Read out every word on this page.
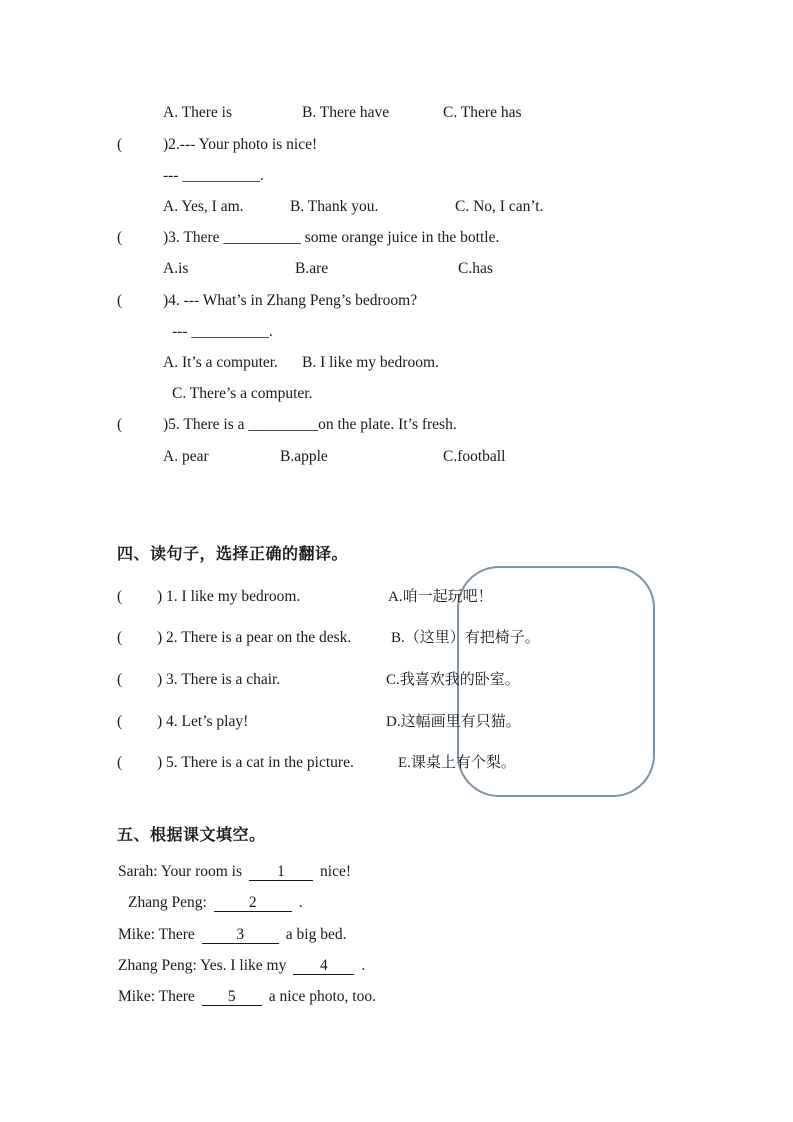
A. There is	B. There have	C. There has
(	)2.--- Your photo is nice!
--- __________.
A. Yes, I am.	B. Thank you.	C. No, I can’t.
(	)3. There __________ some orange juice in the bottle.
A.is	B.are	C.has
(	)4. --- What’s in Zhang Peng’s bedroom?
--- __________.
A. It’s a computer. B. I like my bedroom.
C. There’s a computer.
(	)5. There is a _________on the plate. It’s fresh.
A. pear	B.apple	C.football
四、读句子，选择正确的翻译。
( ) 1. I like my bedroom.	A.咱一起玩吧！
( ) 2. There is a pear on the desk.	B.（这里）有把椅子。
( ) 3. There is a chair.	C.我喜欢我的卧室。
( ) 4. Let’s play!	D.这幅画里有只猫。
( ) 5. There is a cat in the picture.	E.课桌上有个梨。
五、根据课文填空。
Sarah: Your room is 1 nice!
Zhang Peng:	2	.
Mike: There	3	a big bed.
Zhang Peng: Yes. I like my 4 .
Mike: There 5 a nice photo, too.
